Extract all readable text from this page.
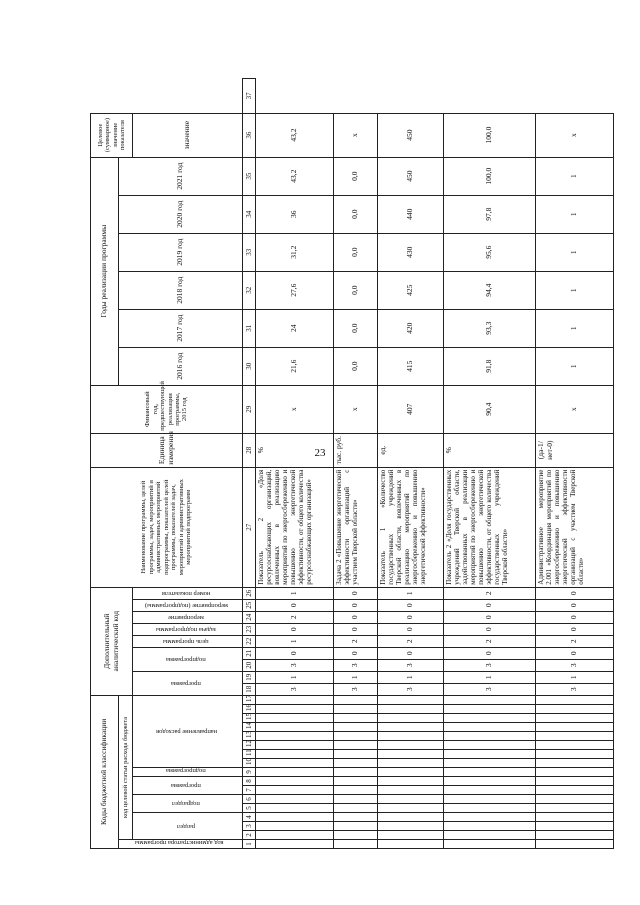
23
Коды бюджетной классификации																	Дополнительный аналитический код									Наименование программы, целей программы, задач, мероприятий и административных мероприятий подпрограммы, показателей целей программы, показателей задач, мероприятий и административных мероприятий подпрограмм	Единица измерения	Финансовый год, предшествующий реализации программы, 2015 год	Годы реализации программы						Целевое (суммарное) значение показателя	
код администратора программы	код целевой статьи расхода бюджета																												2016 год	2017 год	2018 год	2019 год	2020 год	2021 год		
	раздел			подраздел		программа		подпрограмма	направление расходов								программа		подпрограмма		цель программы	задача подпрограммы	мероприятие	мероприятие (подпрограммы)	номер показателя										значение	
1	2	3	4	5	6	7	8	9	10	11	12	13	14	15	16	17	18	19	20	21	22	23	24	25	26	27	28	29	30	31	32	33	34	35	36	37
																	3	1	3	0	1	0	2	0	1	Показатель 2 «Доля ресурсоснабжающих организаций, вовлеченных в реализацию мероприятий по энергосбережению и повышению энергетической эффективности, от общего количества ресурсоснабжающих организаций»	%	х	21,6	24	27,6	31,2	36	43,2	43,2	
																	3	1	3	0	2	0	0	0	0	Задача 2 «Повышение энергетической эффективности организаций с участием Тверской области»	тыс. руб.	х	0,0	0,0	0,0	0,0	0,0	0,0	х	
																	3	1	3	0	2	0	0	0	1	Показатель 1 «Количество государственных учреждений Тверской области, вовлеченных в реализацию мероприятий по энергосбережению и повышению энергетической эффективности»	ед.	407	415	420	425	430	440	450	450	
																	3	1	3	0	2	0	0	0	2	Показатель 2 «Доля государственных учреждений Тверской области, задействованных в реализации мероприятий по энергосбережению и повышению энергетической эффективности, от общего количества государственных учреждений Тверской области»	%	90,4	91,8	93,3	94,4	95,6	97,8	100,0	100,0	
																	3	1	3	0	2	0	0	0	0	Административное мероприятие 2.001 «Координация мероприятий по энергосбережению и повышению энергетической эффективности организаций с участием Тверской области»	(да-1/нет-0)	х	1	1	1	1	1	1	х	
